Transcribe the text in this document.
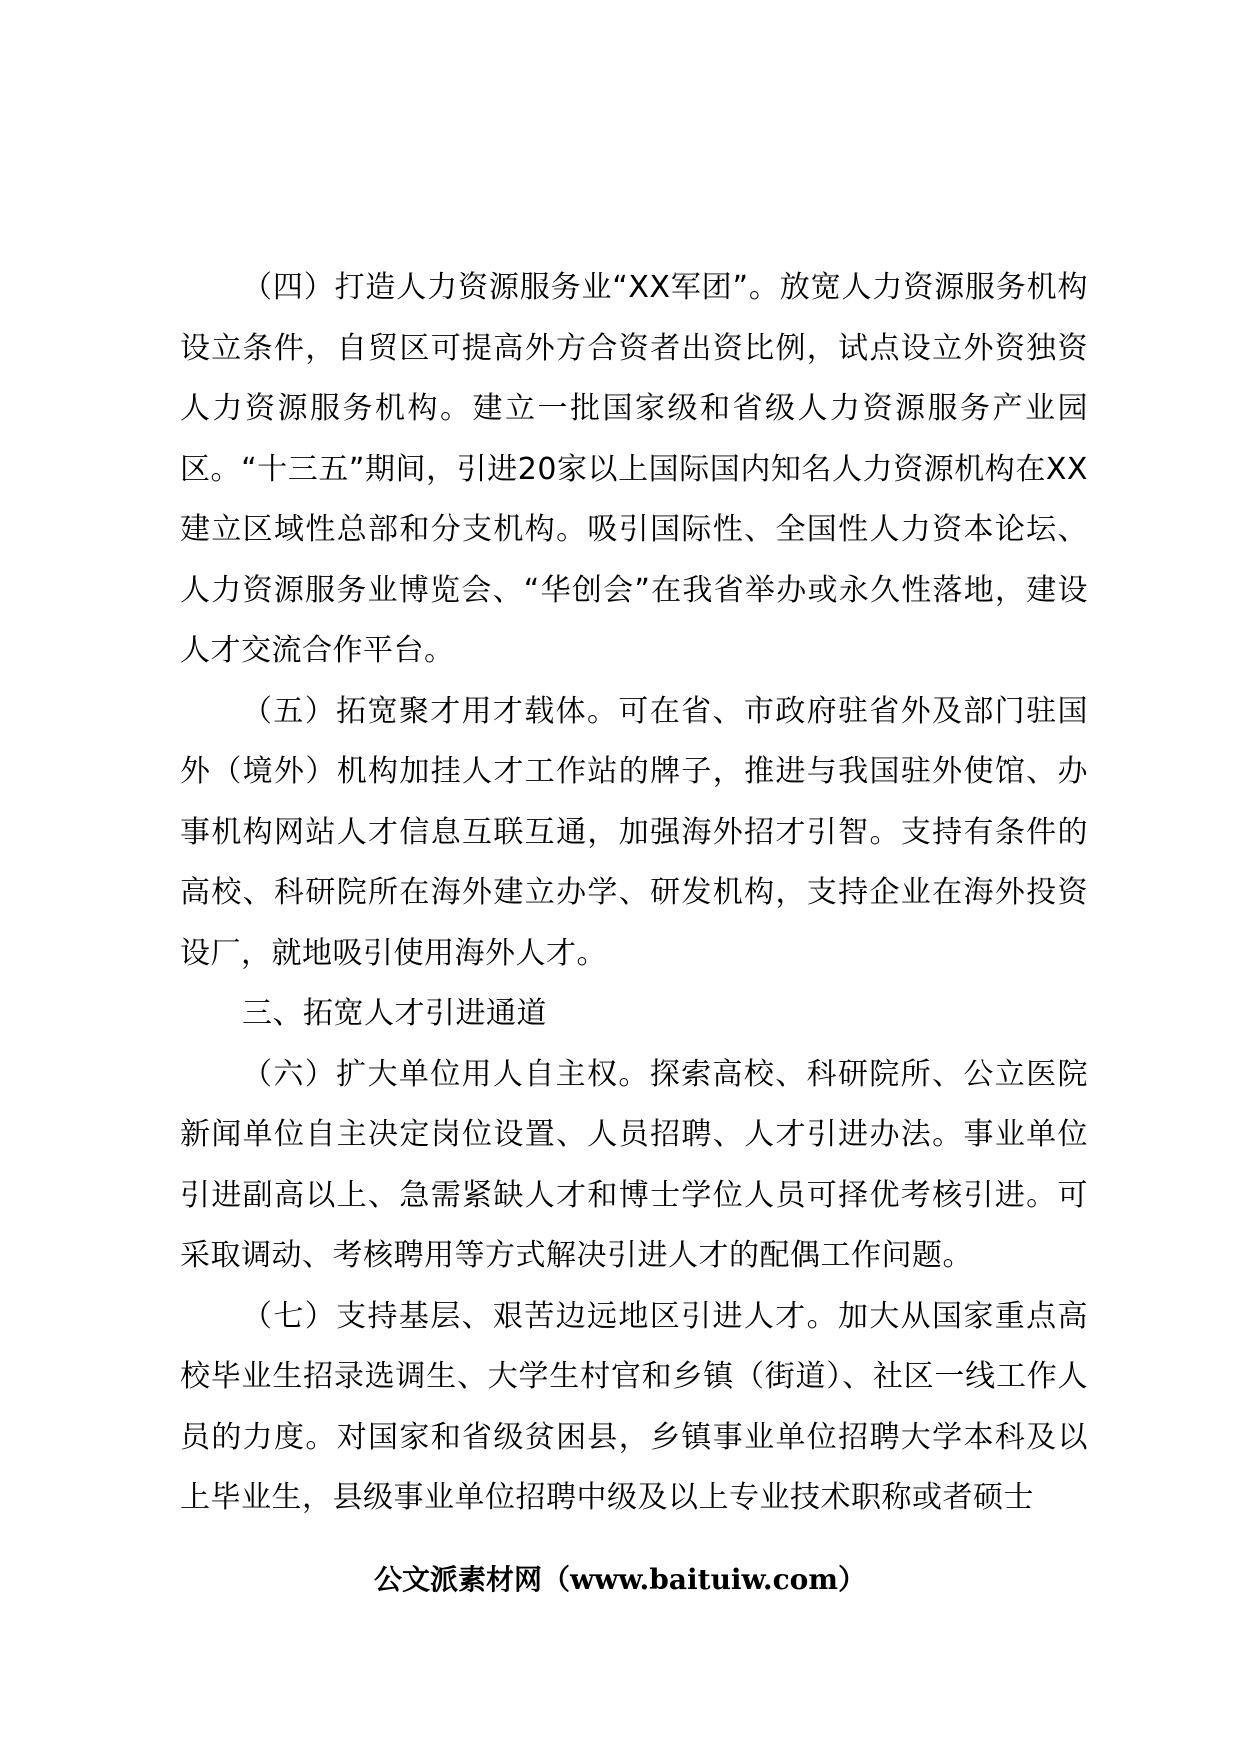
（四）打造人力资源服务业“XX军团”。放宽人力资源服务机构设立条件，自贸区可提高外方合资者出资比例，试点设立外资独资人力资源服务机构。建立一批国家级和省级人力资源服务产业园区。“十三五”期间，引进20家以上国际国内知名人力资源机构在XX建立区域性总部和分支机构。吸引国际性、全国性人力资本论坛、人力资源服务业博览会、“华创会”在我省举办或永久性落地，建设人才交流合作平台。

（五）拓宽聚才用才载体。可在省、市政府驻省外及部门驻国外（境外）机构加挂人才工作站的牌子，推进与我国驻外使馆、办事机构网站人才信息互联互通，加强海外招才引智。支持有条件的高校、科研院所在海外建立办学、研发机构，支持企业在海外投资设厂，就地吸引使用海外人才。

三、拓宽人才引进通道

（六）扩大单位用人自主权。探索高校、科研院所、公立医院新闻单位自主决定岗位设置、人员招聘、人才引进办法。事业单位引进副高以上、急需紧缺人才和博士学位人员可择优考核引进。可采取调动、考核聘用等方式解决引进人才的配偶工作问题。

（七）支持基层、艰苦边远地区引进人才。加大从国家重点高校毕业生招录选调生、大学生村官和乡镇（街道）、社区一线工作人员的力度。对国家和省级贫困县，乡镇事业单位招聘大学本科及以上毕业生，县级事业单位招聘中级及以上专业技术职称或者硕士

公文派素材网（www.baituiw.com）
